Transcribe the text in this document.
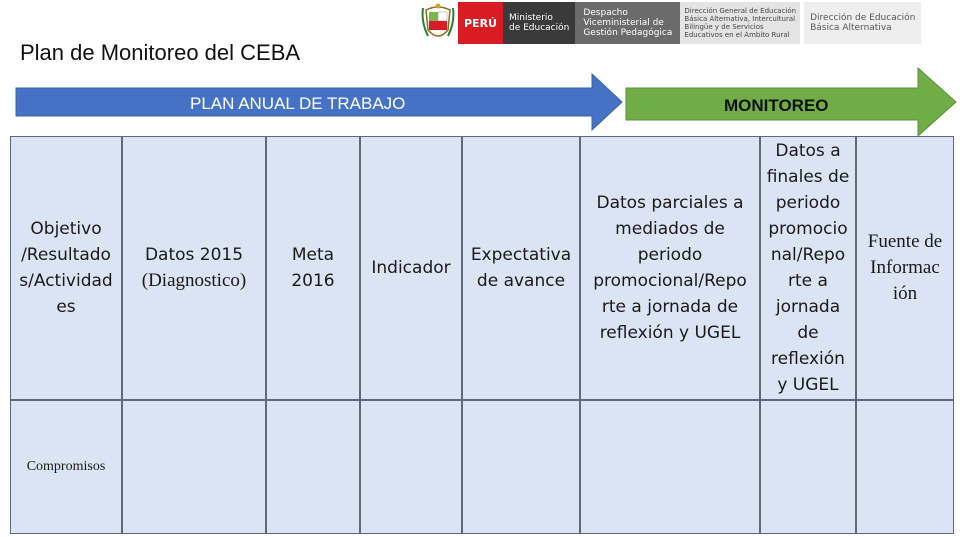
PERÚ	Ministerio
de Educación
Despacho
Viceministerial de
Gestión Pedagógica
Dirección General de Educación
Básica Alternativa, Intercultural
Bilingüe y de Servicios
Educativos en el Ámbito Rural
Dirección de Educación
Básica Alternativa
Plan de Monitoreo del CEBA
PLAN ANUAL DE TRABAJO	MONITOREO
Objetivo
/Resultado
s/Actividad
es
Datos 2015
(Diagnostico)
Meta
2016
Indicador
Expectativa
de avance
Datos parciales a
mediados de
periodo
promocional/Repo
rte a jornada de
reflexión y UGEL
Datos a
finales de
periodo
promocio
nal/Repo
rte a
jornada
de
reflexión
y UGEL
Fuente de
Informac
ión
Compromisos
